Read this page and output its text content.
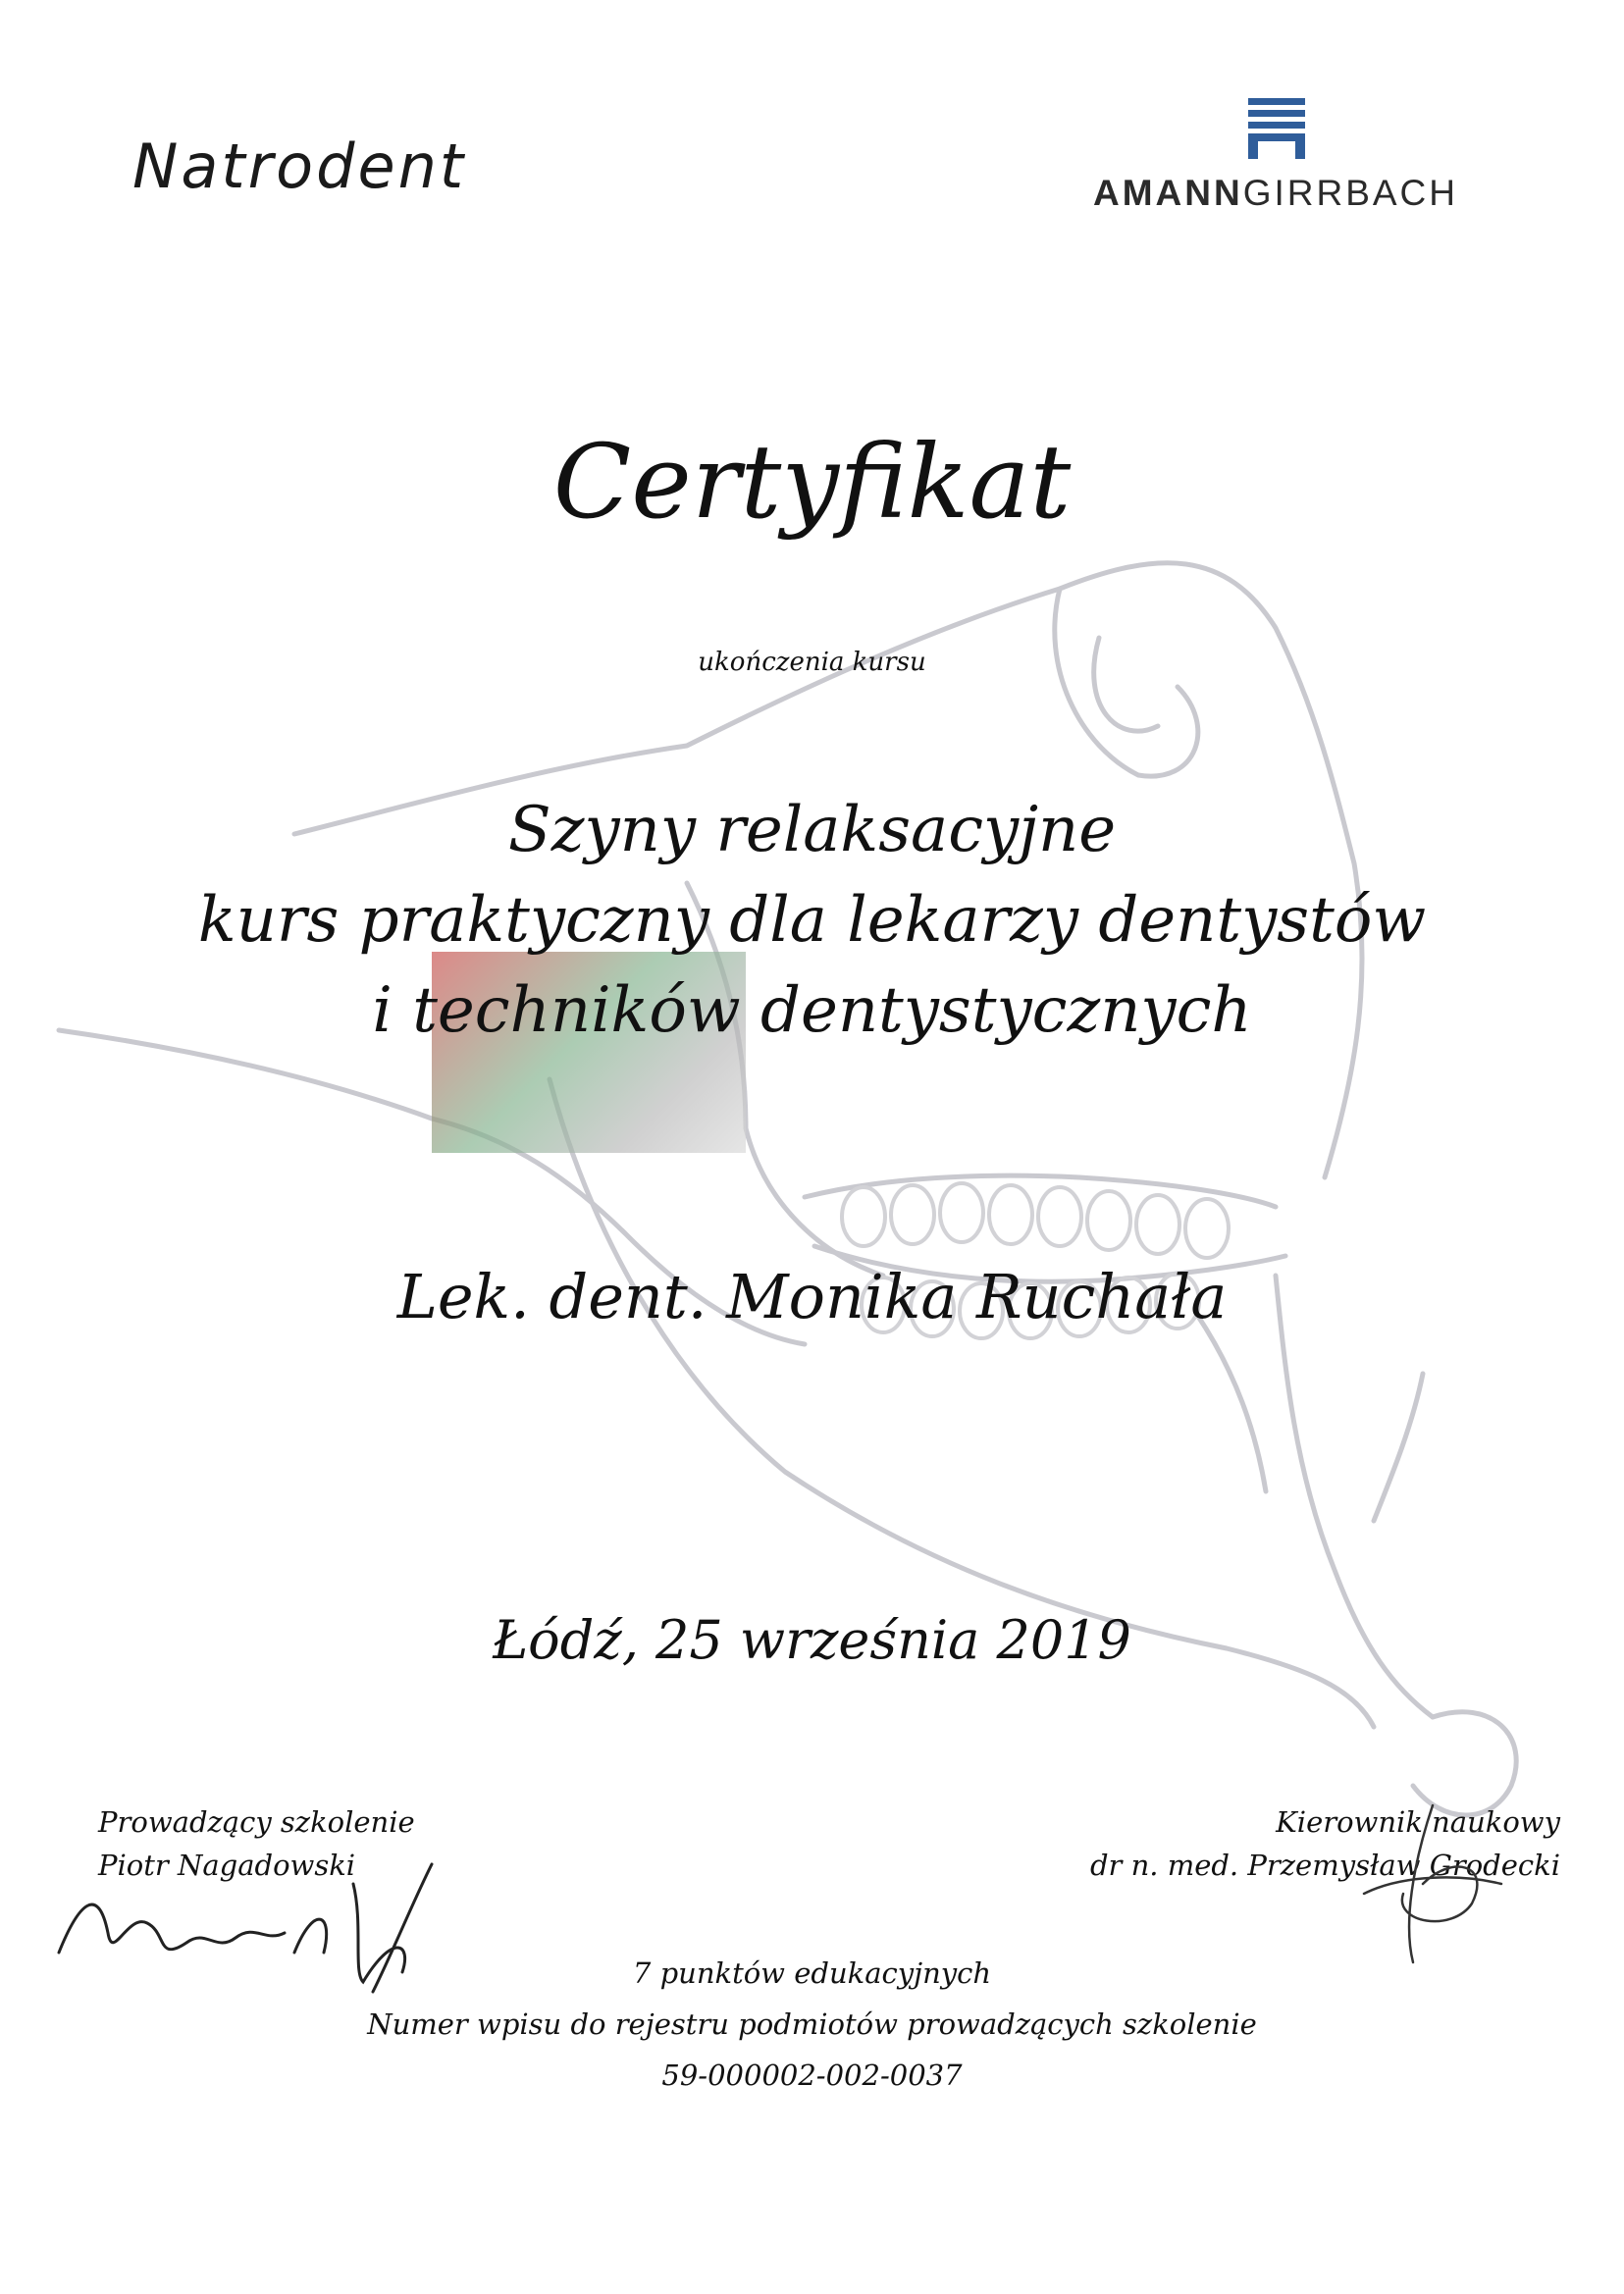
Natrodent	AMANNGIRRBACH
Certyfikat
ukończenia kursu
Szyny relaksacyjne
kurs praktyczny dla lekarzy dentystów
i techników dentystycznych
Lek. dent. Monika Ruchała
Łódź, 25 września 2019
Prowadzący szkolenie
Piotr Nagadowski
Kierownik naukowy
dr n. med. Przemysław Grodecki
7 punktów edukacyjnych
Numer wpisu do rejestru podmiotów prowadzących szkolenie
59-000002-002-0037
